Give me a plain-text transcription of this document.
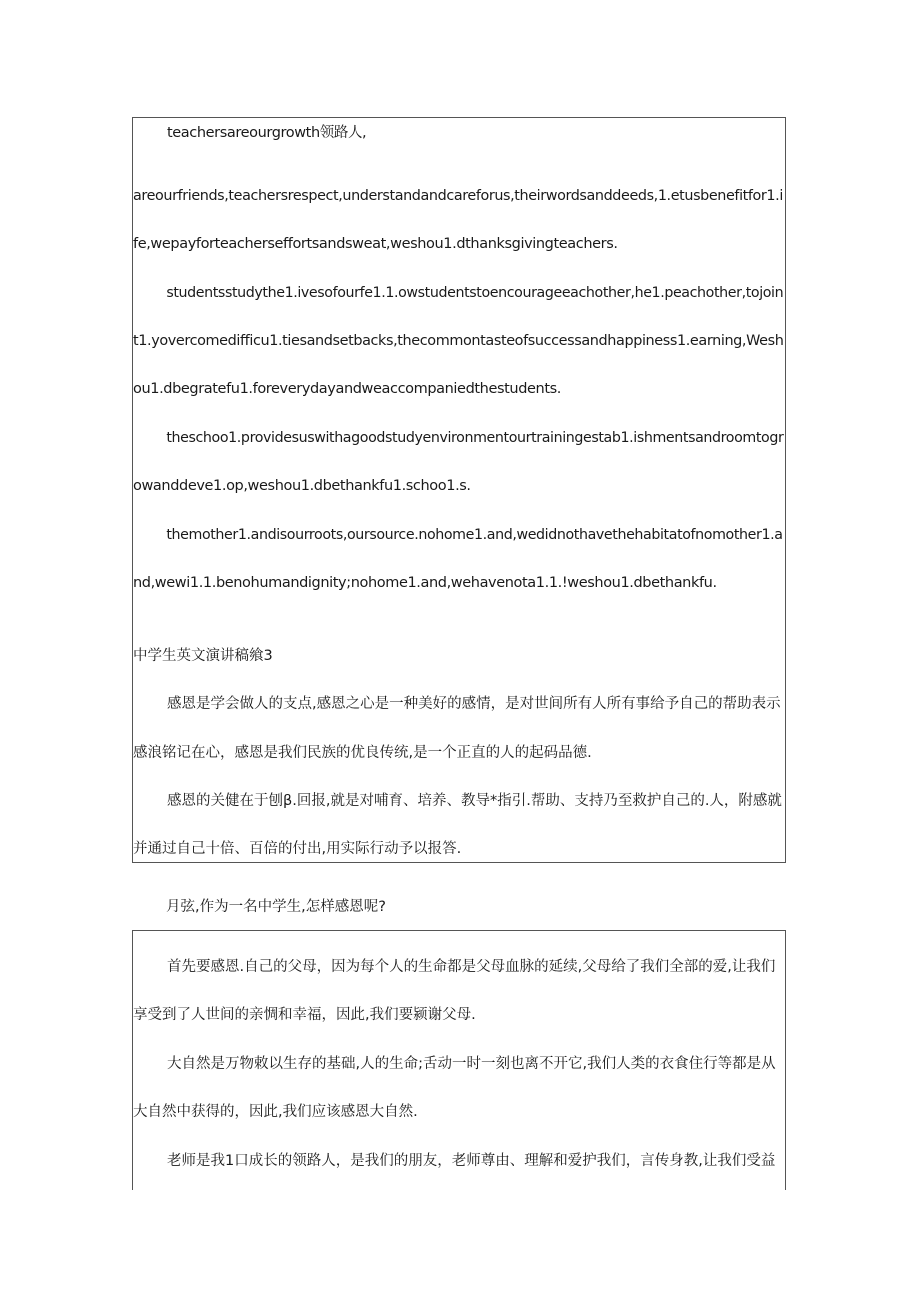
teachersareourgrowth领路人,
areourfriends,teachersrespect,understandandcareforus,theirwordsanddeeds,1.etusbenefitfor1.i
fe,wepayforteacherseffortsandsweat,weshou1.dthanksgivingteachers.
studentsstudythe1.ivesofourfe1.1.owstudentstoencourageeachother,he1.peachother,tojoin
t1.yovercomedifficu1.tiesandsetbacks,thecommontasteofsuccessandhappiness1.earning,Wesh
ou1.dbegratefu1.foreverydayandweaccompaniedthestudents.
theschoo1.providesuswithagoodstudyenvironmentourtrainingestab1.ishmentsandroomtogr
owanddeve1.op,weshou1.dbethankfu1.schoo1.s.
themother1.andisourroots,oursource.nohome1.and,wedidnothavethehabitatofnomother1.a
nd,wewi1.1.benohumandignity;nohome1.and,wehavenota1.1.!weshou1.dbethankfu.
中学生英文演讲稿飨3
感恩是学会做人的支点,感恩之心是一种美好的感情，是对世间所有人所有事给予自己的帮助表示
感浪铭记在心，感恩是我们民族的优良传统,是一个正直的人的起码品德.
感恩的关健在于刨β.回报,就是对哺育、培养、教导*指引.帮助、支持乃至救护自己的.人，附感就
并通过自己十倍、百倍的付出,用实际行动予以报答.
月弦,作为一名中学生,怎样感恩呢?
首先要感恩.自己的父母，因为每个人的生命都是父母血脉的延续,父母给了我们全部的爱,让我们
享受到了人世间的亲惆和幸福，因此,我们要颍谢父母.
大自然是万物敕以生存的基础,人的生命;舌动一时一刻也离不开它,我们人类的衣食住行等都是从
大自然中获得的，因此,我们应该感恩大自然.
老师是我1口成长的领路人，是我们的朋友，老师尊由、理解和爱护我们，言传身教,让我们受益
